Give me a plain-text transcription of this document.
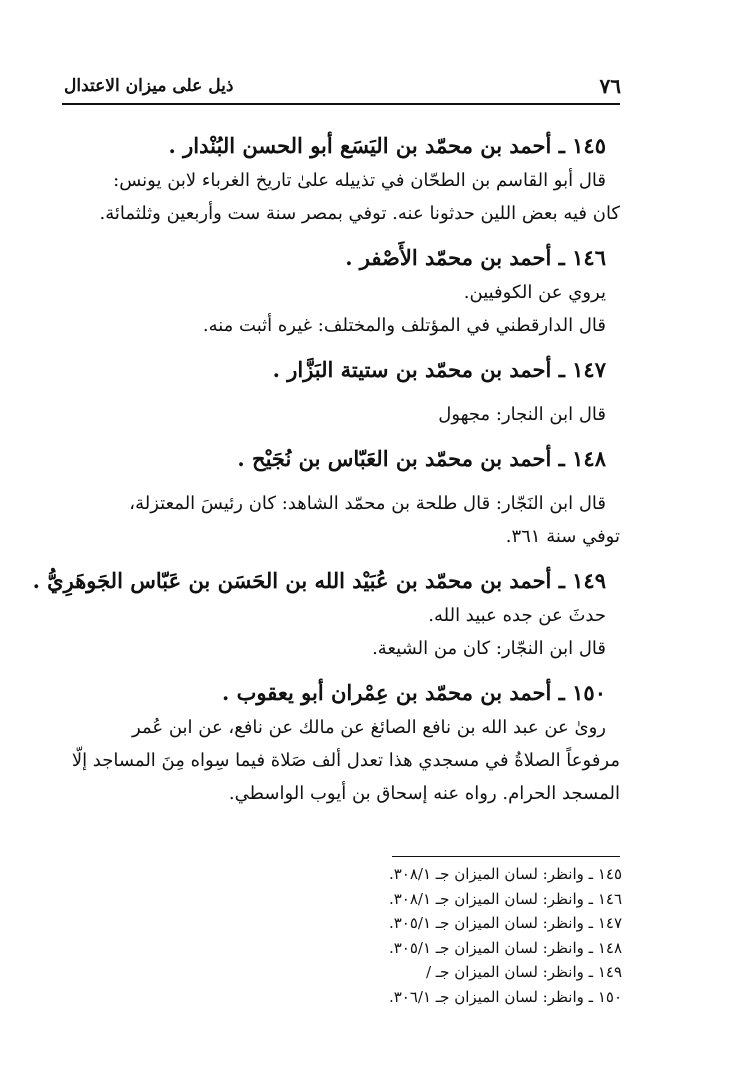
٧٦
ذيل على ميزان الاعتدال

١٤٥ ـ أحمد بن محمّد بن اليَسَع أبو الحسن البُنْدار .

قال أبو القاسم بن الطحّان في تذييله علىٰ تاريخ الغرباء لابن يونس:

كان فيه بعض اللين حدثونا عنه. توفي بمصر سنة ست وأربعين وثلثمائة.

١٤٦ ـ أحمد بن محمّد الأَصْفر .

يروي عن الكوفيين.

قال الدارقطني في المؤتلف والمختلف: غيره أثبت منه.

١٤٧ ـ أحمد بن محمّد بن ستيتة البَزَّار .

قال ابن النجار: مجهول

١٤٨ ـ أحمد بن محمّد بن العَبّاس بن نُجَيْح .

قال ابن النَجّار: قال طلحة بن محمّد الشاهد: كان رئيسَ المعتزلة،

توفي سنة ٣٦١.

١٤٩ ـ أحمد بن محمّد بن عُبَيْد الله بن الحَسَن بن عَبّاس الجَوهَرِيُّ .

حدثَ عن جده عبيد الله.

قال ابن النجّار: كان من الشيعة.

١٥٠ ـ أحمد بن محمّد بن عِمْران أبو يعقوب .

روىٰ عن عبد الله بن نافع الصائغ عن مالك عن نافع، عن ابن عُمر

مرفوعاً الصلاةُ في مسجدي هذا تعدل ألف صَلاة فيما سِواه مِنَ المساجد إلّا

المسجد الحرام. رواه عنه إسحاق بن أيوب الواسطي.

١٤٥ ـ وانظر: لسان الميزان جـ ٣٠٨/١.

١٤٦ ـ وانظر: لسان الميزان جـ ٣٠٨/١.

١٤٧ ـ وانظر: لسان الميزان جـ ٣٠٥/١.

١٤٨ ـ وانظر: لسان الميزان جـ ٣٠٥/١.

١٤٩ ـ وانظر: لسان الميزان جـ /

١٥٠ ـ وانظر: لسان الميزان جـ ٣٠٦/١.
